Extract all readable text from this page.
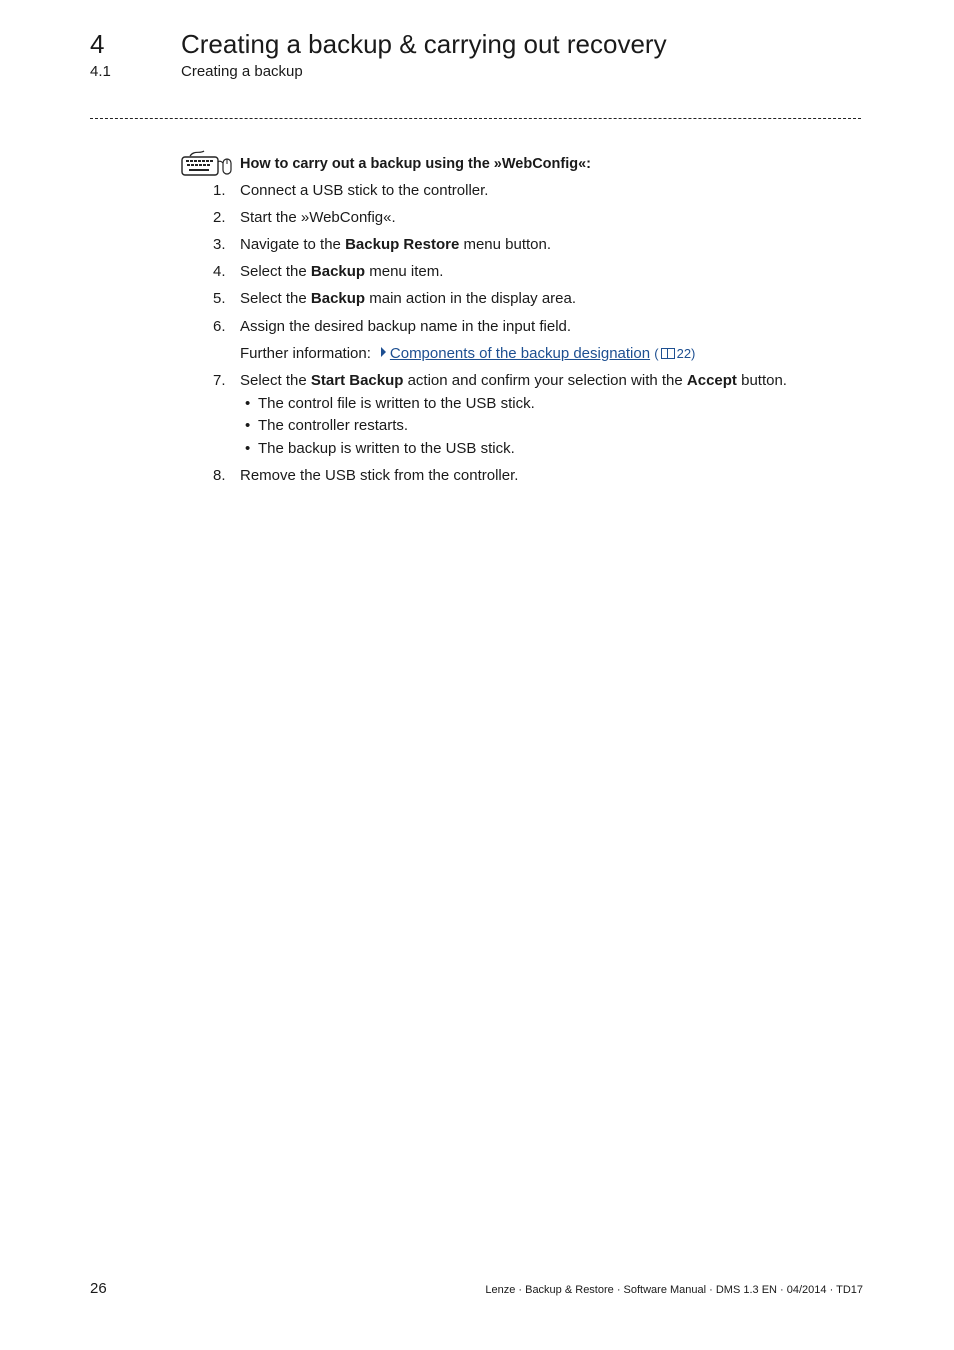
4	Creating a backup & carrying out recovery
4.1	Creating a backup
How to carry out a backup using the »WebConfig«:
1. Connect a USB stick to the controller.
2. Start the »WebConfig«.
3. Navigate to the Backup Restore menu button.
4. Select the Backup menu item.
5. Select the Backup main action in the display area.
6. Assign the desired backup name in the input field.
Further information: Components of the backup designation ( 22)
7. Select the Start Backup action and confirm your selection with the Accept button.
• The control file is written to the USB stick.
• The controller restarts.
• The backup is written to the USB stick.
8. Remove the USB stick from the controller.
26	Lenze · Backup & Restore · Software Manual · DMS 1.3 EN · 04/2014 · TD17
